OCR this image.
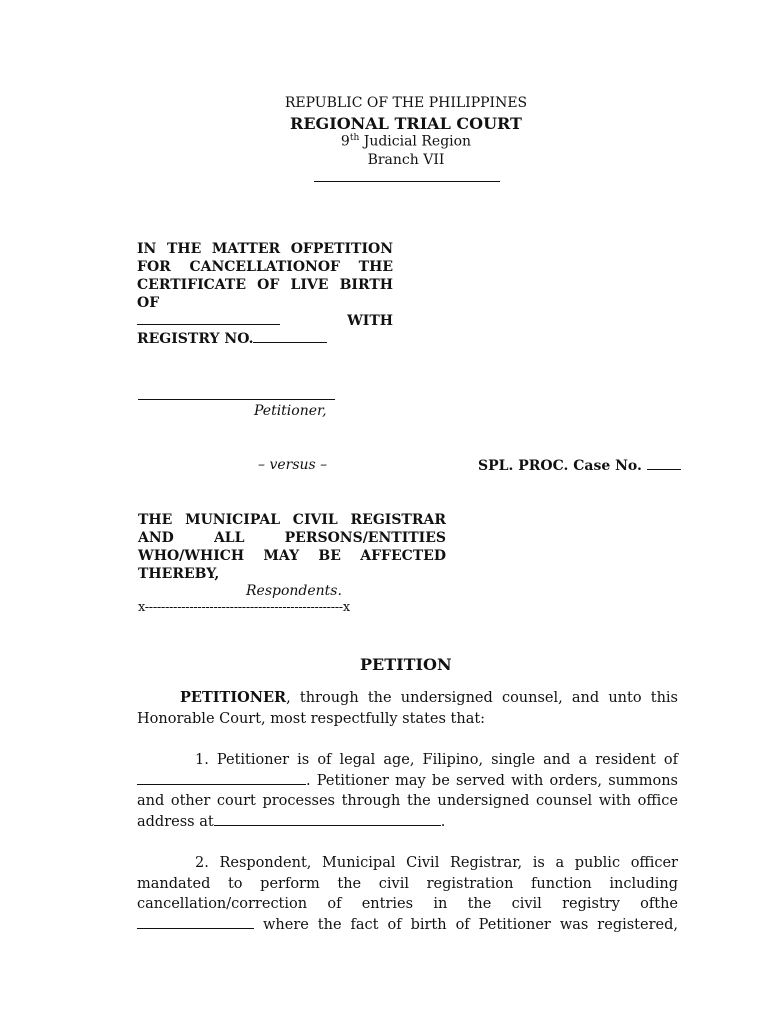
REPUBLIC OF THE PHILIPPINES

REGIONAL TRIAL COURT

9th Judicial Region

Branch VII

IN THE MATTER OFPETITION
FOR CANCELLATIONOF THE
CERTIFICATE OF LIVE BIRTH OF
WITH
REGISTRY NO.

Petitioner,

– versus –	SPL. PROC. Case No.

THE MUNICIPAL CIVIL REGISTRAR
AND ALL PERSONS/ENTITIES
WHO/WHICH MAY BE AFFECTED
THEREBY,

Respondents.

x-------------------------------------------------x

PETITION

PETITIONER, through the undersigned counsel, and unto this
Honorable Court, most respectfully states that:
1. Petitioner is of legal age, Filipino, single and a resident of
. Petitioner may be served with orders, summons
and other court processes through the undersigned counsel with office
address at	.
2. Respondent, Municipal Civil Registrar, is a public officer
mandated to perform the civil registration function including
cancellation/correction of entries in the civil registry ofthe
where the fact of birth of Petitioner was registered,
